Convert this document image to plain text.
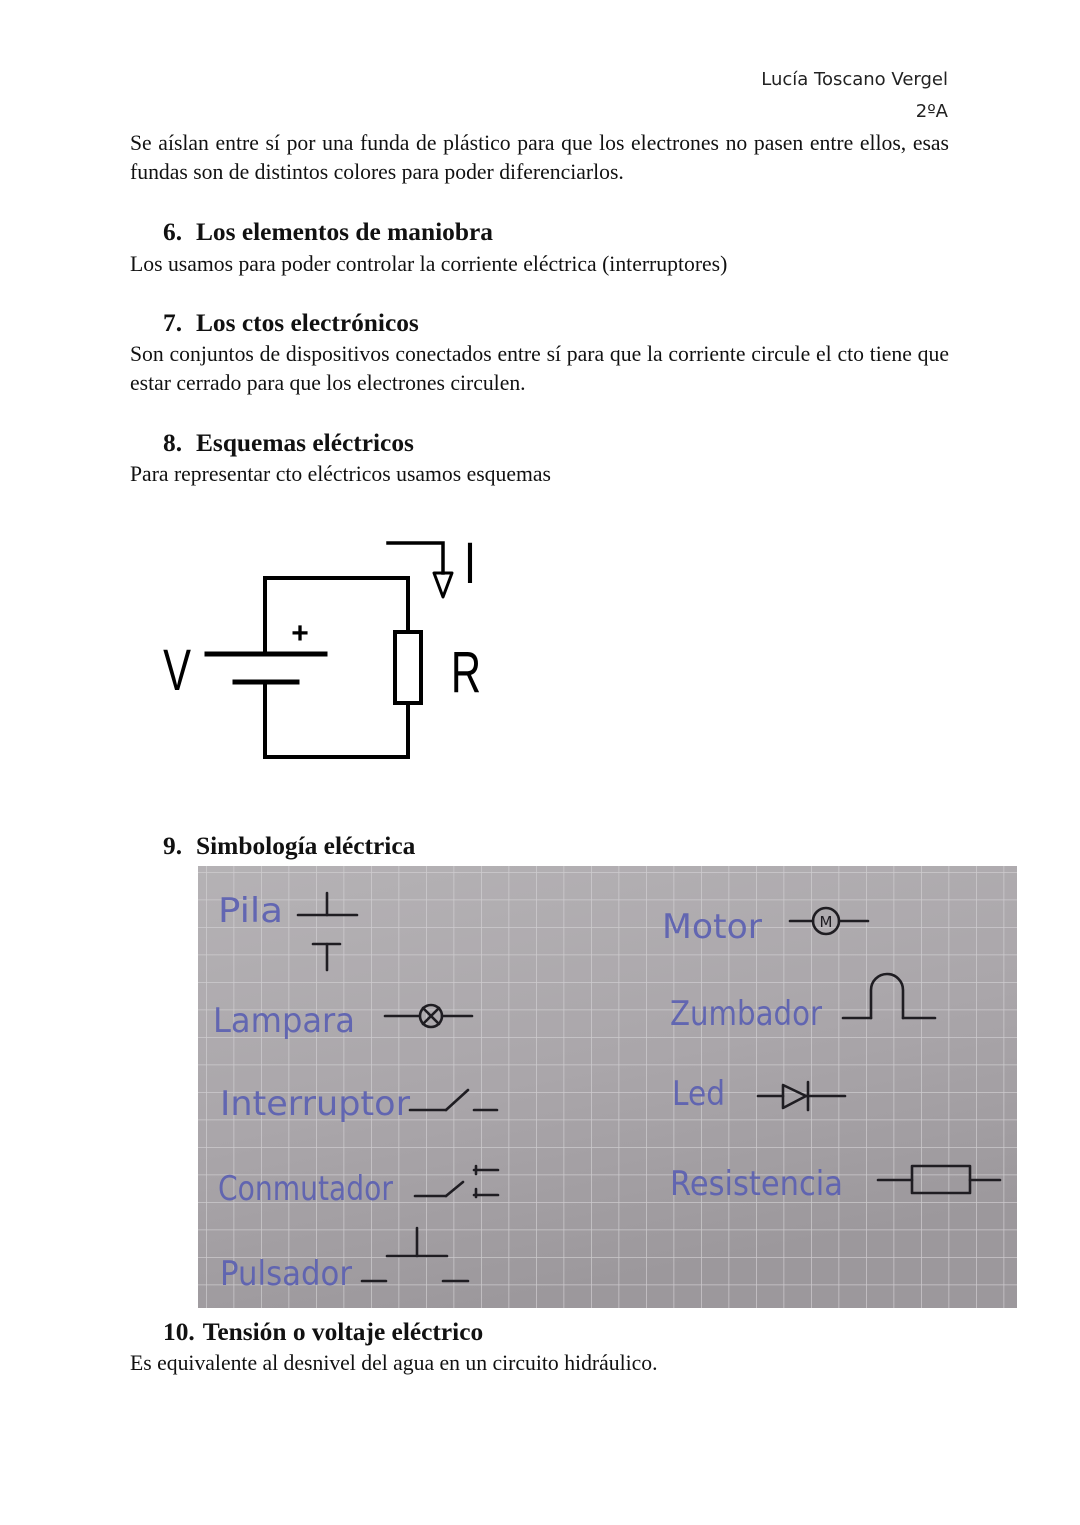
Lucía Toscano Vergel

2ºA

Se aíslan entre sí por una funda de plástico para que los electrones no pasen entre ellos, esas fundas son de distintos colores para poder diferenciarlos.

6. Los elementos de maniobra

Los usamos para poder controlar la corriente eléctrica (interruptores)

7. Los ctos electrónicos

Son conjuntos de dispositivos conectados entre sí para que la corriente circule el cto tiene que estar cerrado para que los electrones circulen.

8. Esquemas eléctricos

Para representar cto eléctricos usamos esquemas

V
+
I
R
9. Simbología eléctrica
Pila
Lampara
Interruptor
Conmutador
Pulsador
Motor
Zumbador
Led
Resistencia
M
10. Tensión o voltaje eléctrico

Es equivalente al desnivel del agua en un circuito hidráulico.
